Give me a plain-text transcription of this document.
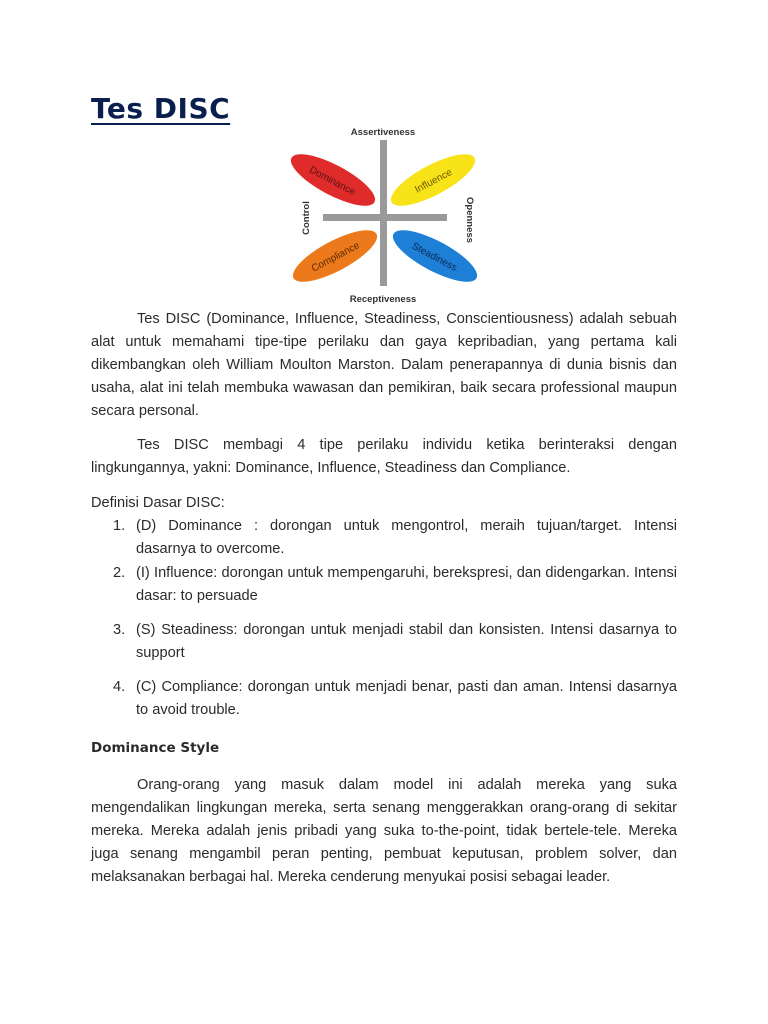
Tes DISC
Dominance	Influence
Compliance	Steadiness
Assertiveness
Receptiveness
Control	Openness

Tes DISC (Dominance, Influence, Steadiness, Conscientiousness) adalah sebuah alat untuk memahami tipe-tipe perilaku dan gaya kepribadian, yang pertama kali dikembangkan oleh William Moulton Marston. Dalam penerapannya di dunia bisnis dan usaha, alat ini telah membuka wawasan dan pemikiran, baik secara professional maupun secara personal.

Tes DISC membagi 4 tipe perilaku individu ketika berinteraksi dengan lingkungannya, yakni: Dominance, Influence, Steadiness dan Compliance.

Definisi Dasar DISC:

1. (D) Dominance : dorongan untuk mengontrol, meraih tujuan/target. Intensi dasarnya to overcome.
2. (I) Influence: dorongan untuk mempengaruhi, berekspresi, dan didengarkan. Intensi dasar: to persuade
3. (S) Steadiness: dorongan untuk menjadi stabil dan konsisten. Intensi dasarnya to support
4. (C) Compliance: dorongan untuk menjadi benar, pasti dan aman. Intensi dasarnya to avoid trouble.
Dominance Style

Orang-orang yang masuk dalam model ini adalah mereka yang suka mengendalikan lingkungan mereka, serta senang menggerakkan orang-orang di sekitar mereka. Mereka adalah jenis pribadi yang suka to-the-point, tidak bertele-tele. Mereka juga senang mengambil peran penting, pembuat keputusan, problem solver, dan melaksanakan berbagai hal. Mereka cenderung menyukai posisi sebagai leader.
